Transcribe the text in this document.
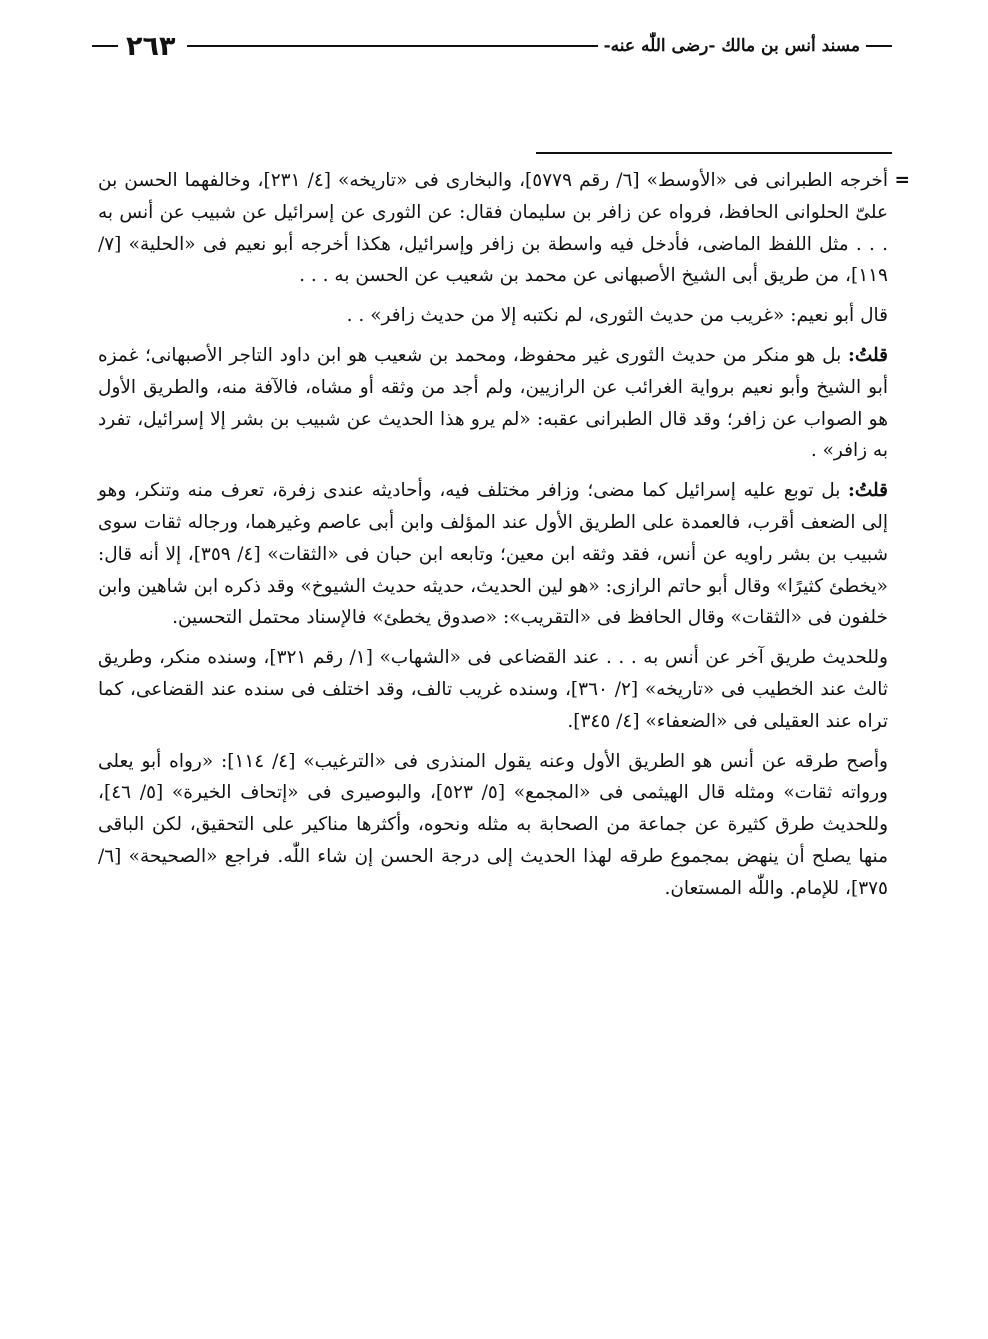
٢٦٣	مسند أنس بن مالك -رضى اللّٰه عنه-

=
أخرجه الطبرانى فى «الأوسط» [٦/ رقم ٥٧٧٩]، والبخارى فى «تاريخه» [٤/ ٢٣١]، وخالفهما الحسن بن علىّ الحلوانى الحافظ، فرواه عن زافر بن سليمان فقال: عن الثورى عن إسرائيل عن شبيب عن أنس به . . . مثل اللفظ الماضى، فأدخل فيه واسطة بن زافر وإسرائيل، هكذا أخرجه أبو نعيم فى «الحلية» [٧/ ١١٩]، من طريق أبى الشيخ الأصبهانى عن محمد بن شعيب عن الحسن به . . .

قال أبو نعيم: «غريب من حديث الثورى، لم نكتبه إلا من حديث زافر» . .

قلتُ: بل هو منكر من حديث الثورى غير محفوظ، ومحمد بن شعيب هو ابن داود التاجر الأصبهانى؛ غمزه أبو الشيخ وأبو نعيم برواية الغرائب عن الرازيين، ولم أجد من وثقه أو مشاه، فالآفة منه، والطريق الأول هو الصواب عن زافر؛ وقد قال الطبرانى عقبه: «لم يرو هذا الحديث عن شبيب بن بشر إلا إسرائيل، تفرد به زافر» .

قلتُ: بل توبع عليه إسرائيل كما مضى؛ وزافر مختلف فيه، وأحاديثه عندى زفرة، تعرف منه وتنكر، وهو إلى الضعف أقرب، فالعمدة على الطريق الأول عند المؤلف وابن أبى عاصم وغيرهما، ورجاله ثقات سوى شبيب بن بشر راويه عن أنس، فقد وثقه ابن معين؛ وتابعه ابن حبان فى «الثقات» [٤/ ٣٥٩]، إلا أنه قال: «يخطئ كثيرًا» وقال أبو حاتم الرازى: «هو لين الحديث، حديثه حديث الشيوخ» وقد ذكره ابن شاهين وابن خلفون فى «الثقات» وقال الحافظ فى «التقريب»: «صدوق يخطئ» فالإسناد محتمل التحسين.

وللحديث طريق آخر عن أنس به . . . عند القضاعى فى «الشهاب» [١/ رقم ٣٢١]، وسنده منكر، وطريق ثالث عند الخطيب فى «تاريخه» [٢/ ٣٦٠]، وسنده غريب تالف، وقد اختلف فى سنده عند القضاعى، كما تراه عند العقيلى فى «الضعفاء» [٤/ ٣٤٥].

وأصح طرقه عن أنس هو الطريق الأول وعنه يقول المنذرى فى «الترغيب» [٤/ ١١٤]: «رواه أبو يعلى ورواته ثقات» ومثله قال الهيثمى فى «المجمع» [٥/ ٥٢٣]، والبوصيرى فى «إتحاف الخيرة» [٥/ ٤٦]، وللحديث طرق كثيرة عن جماعة من الصحابة به مثله ونحوه، وأكثرها مناكير على التحقيق، لكن الباقى منها يصلح أن ينهض بمجموع طرقه لهذا الحديث إلى درجة الحسن إن شاء اللّٰه. فراجع «الصحيحة» [٦/ ٣٧٥]، للإمام. واللّٰه المستعان.
